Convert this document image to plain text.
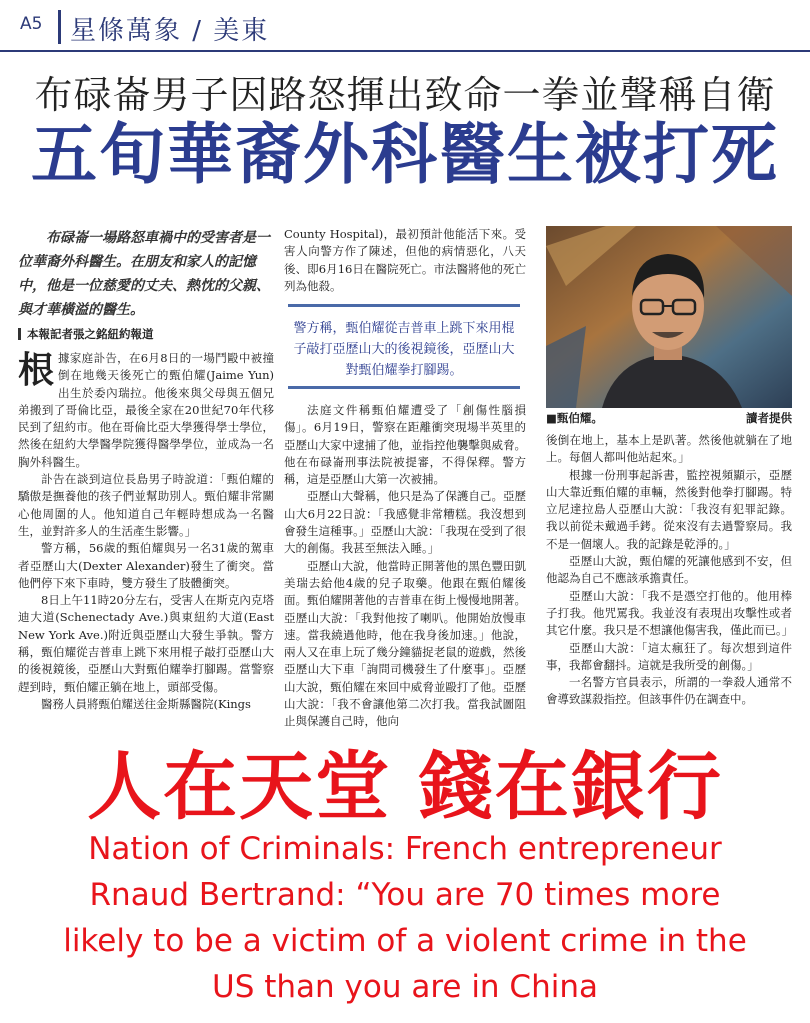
A5 星條萬象 / 美東
布碌崙男子因路怒揮出致命一拳並聲稱自衛
五旬華裔外科醫生被打死
布碌崙一場路怒車禍中的受害者是一位華裔外科醫生。在朋友和家人的記憶中，他是一位慈愛的丈夫、熱忱的父親、與才華橫溢的醫生。
本報記者張之銘紐約報道

根據家庭訃告，在6月8日的一場鬥毆中被撞倒在地幾天後死亡的甄伯耀(Jaime Yun)出生於委內瑞拉。他後來與父母與五個兄弟搬到了哥倫比亞，最後全家在20世紀70年代移民到了紐約市。他在哥倫比亞大學獲得學士學位，然後在紐約大學醫學院獲得醫學學位，並成為一名胸外科醫生。

訃告在談到這位長島男子時說道：「甄伯耀的驕傲是撫養他的孩子們並幫助別人。甄伯耀非常關心他周圍的人。他知道自己年輕時想成為一名醫生，並對許多人的生活產生影響。」

警方稱，56歲的甄伯耀與另一名31歲的駕車者亞歷山大(Dexter Alexander)發生了衝突。當他們停下來下車時，雙方發生了肢體衝突。

8日上午11時20分左右，受害人在斯克內克塔迪大道(Schenectady Ave.)與東紐約大道(East New York Ave.)附近與亞歷山大發生爭執。警方稱，甄伯耀從吉普車上跳下來用棍子敲打亞歷山大的後視鏡後，亞歷山大對甄伯耀拳打腳踢。當警察趕到時，甄伯耀正躺在地上，頭部受傷。

醫務人員將甄伯耀送往金斯縣醫院(Kings

County Hospital)，最初預計他能活下來。受害人向警方作了陳述，但他的病情惡化，八天後、即6月16日在醫院死亡。市法醫將他的死亡列為他殺。

警方稱，甄伯耀從吉普車上跳下來用棍子敲打亞歷山大的後視鏡後，亞歷山大對甄伯耀拳打腳踢。

法庭文件稱甄伯耀遭受了「創傷性腦損傷」。6月19日，警察在距離衝突現場半英里的亞歷山大家中逮捕了他，並指控他襲擊與威脅。他在布碌崙刑事法院被提審，不得保釋。警方稱，這是亞歷山大第一次被捕。

亞歷山大聲稱，他只是為了保護自己。亞歷山大6月22日說：「我感覺非常糟糕。我沒想到會發生這種事。」亞歷山大說：「我現在受到了很大的創傷。我甚至無法入睡。」

亞歷山大說，他當時正開著他的黑色豐田凱美瑞去給他4歲的兒子取藥。他跟在甄伯耀後面。甄伯耀開著他的吉普車在街上慢慢地開著。亞歷山大說：「我對他按了喇叭。他開始放慢車速。當我繞過他時，他在我身後加速。」他說，兩人又在車上玩了幾分鐘貓捉老鼠的遊戲，然後亞歷山大下車「詢問司機發生了什麼事」。亞歷山大說，甄伯耀在來回中威脅並毆打了他。亞歷山大說：「我不會讓他第二次打我。當我試圖阻止與保護自己時，他向

■甄伯耀。	讀者提供

後倒在地上，基本上是趴著。然後他就躺在了地上。每個人都叫他站起來。」

根據一份刑事起訴書，監控視頻顯示，亞歷山大靠近甄伯耀的車輛，然後對他拳打腳踢。特立尼達拉島人亞歷山大說：「我沒有犯罪記錄。我以前從未戴過手銬。從來沒有去過警察局。我不是一個壞人。我的記錄是乾淨的。」

亞歷山大說，甄伯耀的死讓他感到不安，但他認為自己不應該承擔責任。

亞歷山大說：「我不是憑空打他的。他用棒子打我。他咒罵我。我並沒有表現出攻擊性或者其它什麼。我只是不想讓他傷害我，僅此而已。」

亞歷山大說：「這太瘋狂了。每次想到這件事，我都會翻抖。這就是我所受的創傷。」

一名警方官員表示，所謂的一拳殺人通常不會導致謀殺指控。但該事件仍在調查中。

人在天堂 錢在銀行
Nation of Criminals: French entrepreneur
Rnaud Bertrand: “You are 70 times more
likely to be a victim of a violent crime in the
US than you are in China
